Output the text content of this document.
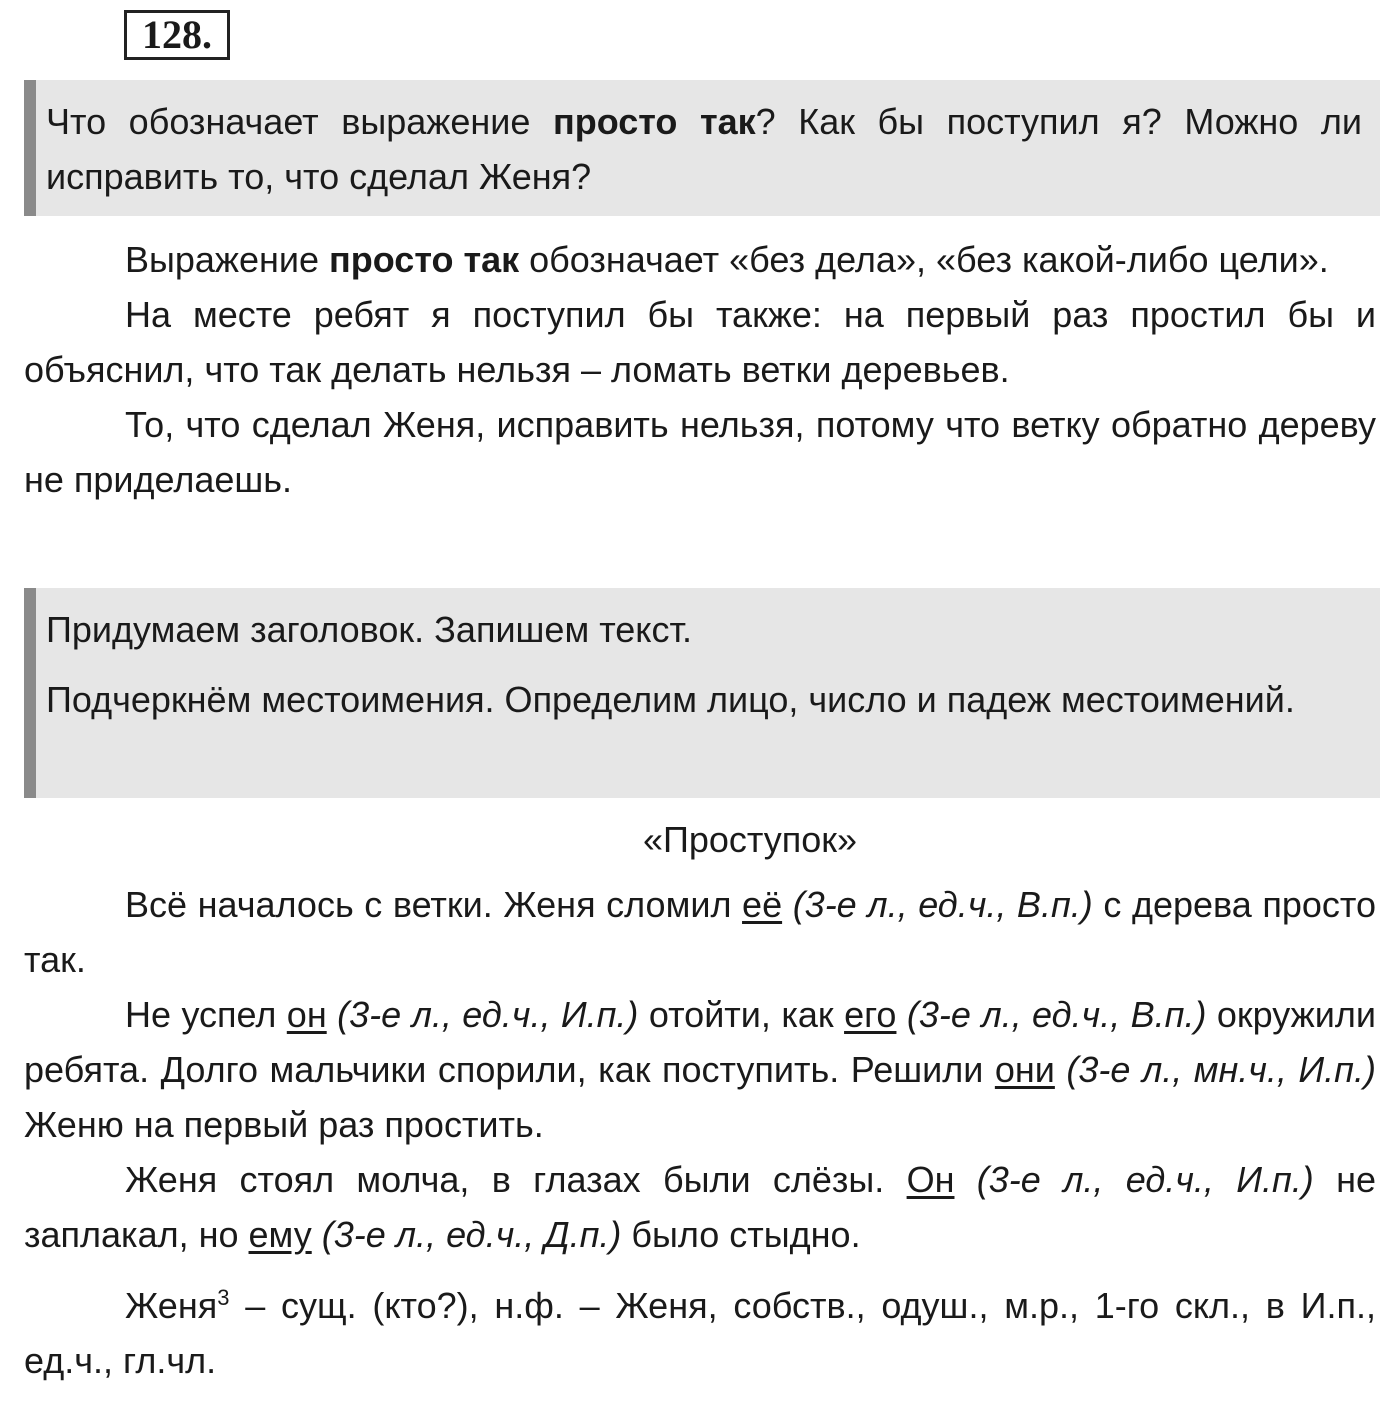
128.
Что обозначает выражение просто так? Как бы поступил я? Можно ли исправить то, что сделал Женя?

Выражение просто так обозначает «без дела», «без какой-либо цели».

На месте ребят я поступил бы также: на первый раз простил бы и объяснил, что так делать нельзя – ломать ветки деревьев.

То, что сделал Женя, исправить нельзя, потому что ветку обратно дереву не приделаешь.

Придумаем заголовок. Запишем текст.

Подчеркнём местоимения. Определим лицо, число и падеж местоимений.

«Проступок»

Всё началось с ветки. Женя сломил её (3-е л., ед.ч., В.п.) с дерева просто так.

Не успел он (3-е л., ед.ч., И.п.) отойти, как его (3-е л., ед.ч., В.п.) окружили ребята. Долго мальчики спорили, как поступить. Решили они (3-е л., мн.ч., И.п.) Женю на первый раз простить.

Женя стоял молча, в глазах были слёзы. Он (3-е л., ед.ч., И.п.) не заплакал, но ему (3-е л., ед.ч., Д.п.) было стыдно.

Женя$^3$ – сущ. (кто?), н.ф. – Женя, собств., одуш., м.р., 1-го скл., в И.п., ед.ч., гл.чл.
